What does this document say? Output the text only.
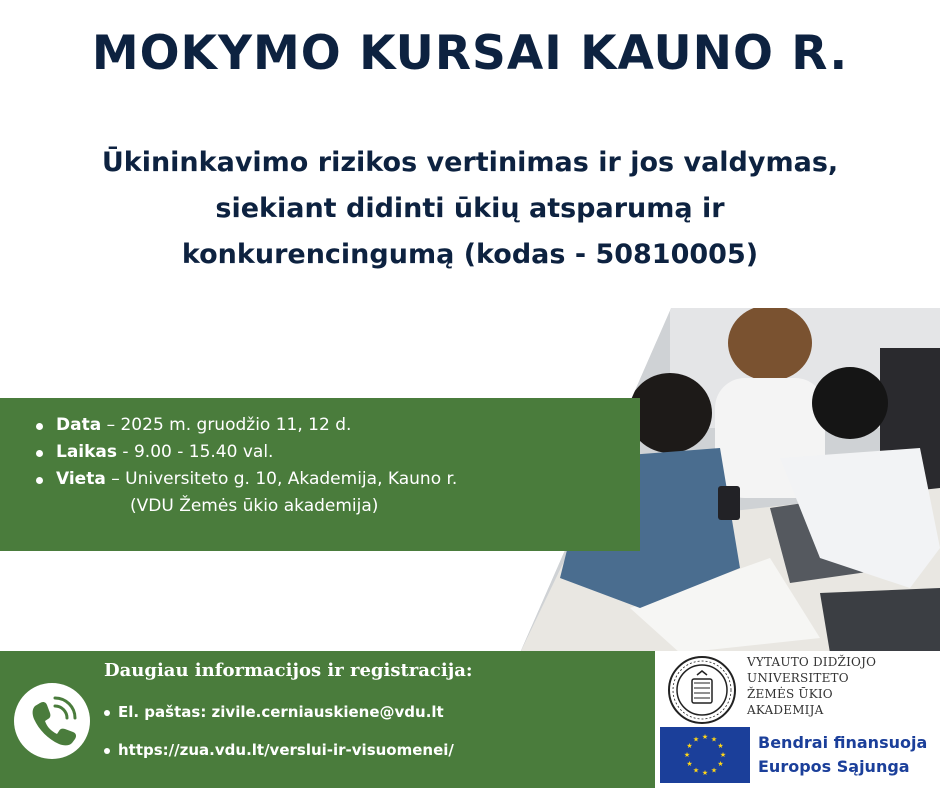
MOKYMO KURSAI KAUNO R.
Ūkininkavimo rizikos vertinimas ir jos valdymas,
siekiant didinti ūkių atsparumą ir
konkurencingumą (kodas - 50810005)
Data – 2025 m. gruodžio 11, 12 d.
Laikas - 9.00 - 15.40 val.
Vieta – Universiteto g. 10, Akademija, Kauno r.
(VDU Žemės ūkio akademija)
Daugiau informacijos ir registracija:
El. paštas: zivile.cerniauskiene@vdu.lt
https://zua.vdu.lt/verslui-ir-visuomenei/
VYTAUTO DIDŽIOJO
UNIVERSITETO
ŽEMĖS ŪKIO
AKADEMIJA
★ ★
★
★
★
★
★
★
★
★
★
★	Bendrai finansuoja
Europos Sąjunga
